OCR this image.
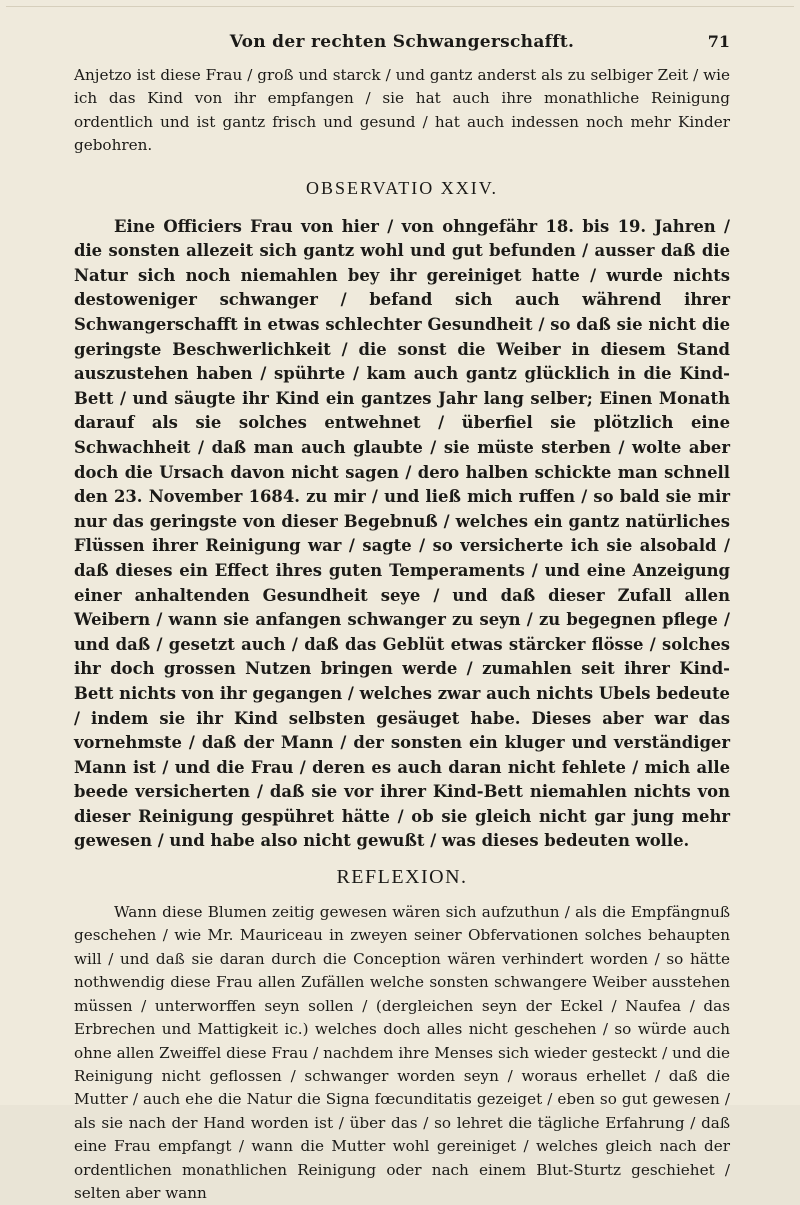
Von der rechten Schwangerschafft.	71

Anjetzo ist diese Frau / groß und starck / und gantz anderst als zu selbiger Zeit / wie ich das Kind von ihr empfangen / sie hat auch ihre monathliche Reinigung ordentlich und ist gantz frisch und gesund / hat auch indessen noch mehr Kinder gebohren.

OBSERVATIO XXIV.

Eine Officiers Frau von hier / von ohngefähr 18. bis 19. Jahren / die sonsten allezeit sich gantz wohl und gut befunden / ausser daß die Natur sich noch niemahlen bey ihr gereiniget hatte / wurde nichts destoweniger schwanger / befand sich auch während ihrer Schwangerschafft in etwas schlechter Gesundheit / so daß sie nicht die geringste Beschwerlichkeit / die sonst die Weiber in diesem Stand auszustehen haben / spührte / kam auch gantz glücklich in die Kind-Bett / und säugte ihr Kind ein gantzes Jahr lang selber; Einen Monath darauf als sie solches entwehnet / überfiel sie plötzlich eine Schwachheit / daß man auch glaubte / sie müste sterben / wolte aber doch die Ursach davon nicht sagen / dero halben schickte man schnell den 23. November 1684. zu mir / und ließ mich ruffen / so bald sie mir nur das geringste von dieser Begebnuß / welches ein gantz natürliches Flüssen ihrer Reinigung war / sagte / so versicherte ich sie alsobald / daß dieses ein Effect ihres guten Temperaments / und eine Anzeigung einer anhaltenden Gesundheit seye / und daß dieser Zufall allen Weibern / wann sie anfangen schwanger zu seyn / zu begegnen pflege / und daß / gesetzt auch / daß das Geblüt etwas stärcker flösse / solches ihr doch grossen Nutzen bringen werde / zumahlen seit ihrer Kind-Bett nichts von ihr gegangen / welches zwar auch nichts Ubels bedeute / indem sie ihr Kind selbsten gesäuget habe. Dieses aber war das vornehmste / daß der Mann / der sonsten ein kluger und verständiger Mann ist / und die Frau / deren es auch daran nicht fehlete / mich alle beede versicherten / daß sie vor ihrer Kind-Bett niemahlen nichts von dieser Reinigung gespühret hätte / ob sie gleich nicht gar jung mehr gewesen / und habe also nicht gewußt / was dieses bedeuten wolle.

REFLEXION.

Wann diese Blumen zeitig gewesen wären sich aufzuthun / als die Empfängnuß geschehen / wie Mr. Mauriceau in zweyen seiner Obfervationen solches behaupten will / und daß sie daran durch die Conception wären verhindert worden / so hätte nothwendig diese Frau allen Zufällen welche sonsten schwangere Weiber ausstehen müssen / unterworffen seyn sollen / (dergleichen seyn der Eckel / Naufea / das Erbrechen und Mattigkeit ic.) welches doch alles nicht geschehen / so würde auch ohne allen Zweiffel diese Frau / nachdem ihre Menses sich wieder gesteckt / und die Reinigung nicht geflossen / schwanger worden seyn / woraus erhellet / daß die Mutter / auch ehe die Natur die Signa fœcunditatis gezeiget / eben so gut gewesen / als sie nach der Hand worden ist / über das / so lehret die tägliche Erfahrung / daß eine Frau empfangt / wann die Mutter wohl gereiniget / welches gleich nach der ordentlichen monathlichen Reinigung oder nach einem Blut-Sturtz geschiehet / selten aber wann
